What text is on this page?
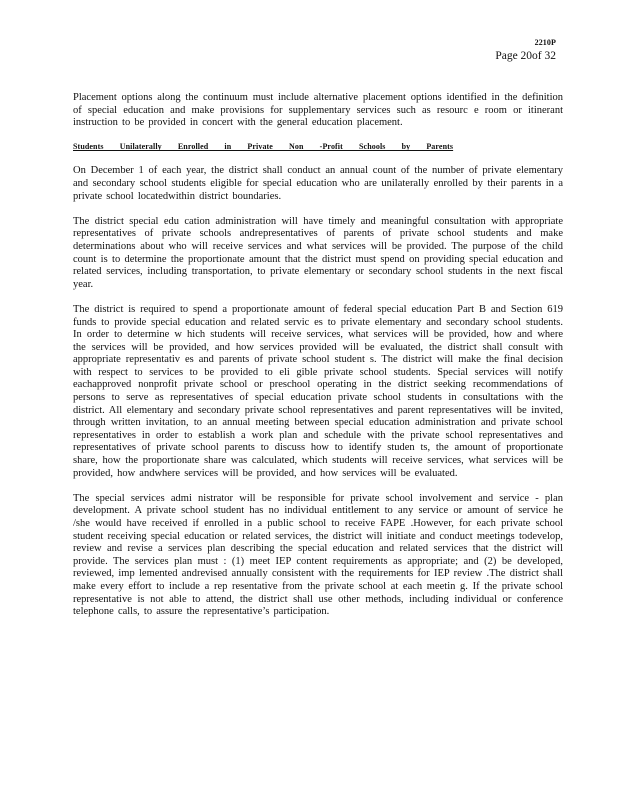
2210P
Page 20of 32

Placement options along the continuum must include alternative placement options identified in the definition of special education and make provisions for supplementary services such as resourc e room or itinerant instruction to be provided in concert with the general education placement.

Students Unilaterally Enrolled in Private Non -Profit Schools by Parents

On December 1 of each year, the district shall conduct an annual count of the number of private elementary and secondary school students eligible for special education who are unilaterally enrolled by their parents in a private school locatedwithin district boundaries.

The district special edu cation administration will have timely and meaningful consultation with appropriate representatives of private schools andrepresentatives of parents of private school students and make determinations about who will receive services and what services will be provided. The purpose of the child count is to determine the proportionate amount that the district must spend on providing special education and related services, including transportation, to private elementary or secondary school students in the next fiscal year.

The district is required to spend a proportionate amount of federal special education Part B and Section 619 funds to provide special education and related servic es to private elementary and secondary school students. In order to determine w hich students will receive services, what services will be provided, how and where the services will be provided, and how services provided will be evaluated, the district shall consult with appropriate representativ es and parents of private school student s. The district will make the final decision with respect to services to be provided to eli gible private school students. Special services will notify eachapproved nonprofit private school or preschool operating in the district seeking recommendations of persons to serve as representatives of special education private school students in consultations with the district. All elementary and secondary private school representatives and parent representatives will be invited, through written invitation, to an annual meeting between special education administration and private school representatives in order to establish a work plan and schedule with the private school representatives and representatives of private school parents to discuss how to identify studen ts, the amount of proportionate share, how the proportionate share was calculated, which students will receive services, what services will be provided, how andwhere services will be provided, and how services will be evaluated.

The special services admi nistrator will be responsible for private school involvement and service - plan development. A private school student has no individual entitlement to any service or amount of service he /she would have received if enrolled in a public school to receive FAPE .However, for each private school student receiving special education or related services, the district will initiate and conduct meetings todevelop, review and revise a services plan describing the special education and related services that the district will provide. The services plan must : (1) meet IEP content requirements as appropriate; and (2) be developed, reviewed, imp lemented andrevised annually consistent with the requirements for IEP review .The district shall make every effort to include a rep resentative from the private school at each meetin g. If the private school representative is not able to attend, the district shall use other methods, including individual or conference telephone calls, to assure the representative’s participation.
